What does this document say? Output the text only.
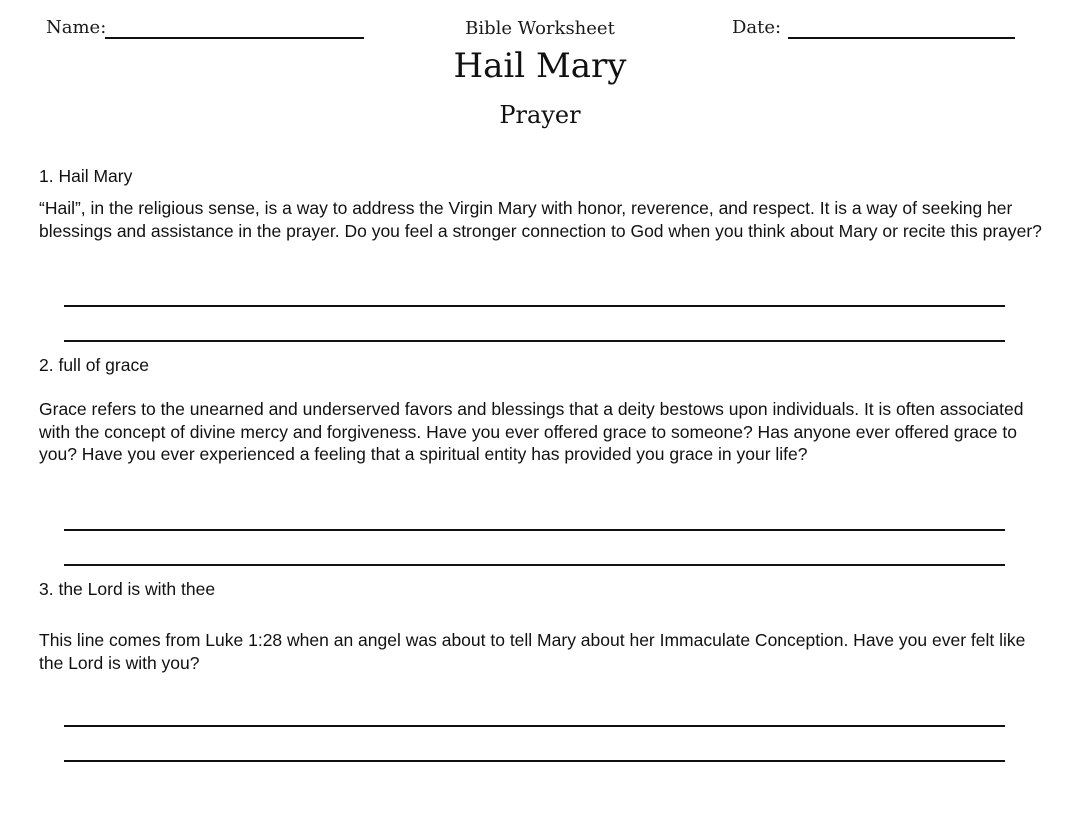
Name:	Bible Worksheet	Date:
Hail Mary
Prayer

1. Hail Mary

“Hail”, in the religious sense, is a way to address the Virgin Mary with honor, reverence, and respect. It is a way of seeking her blessings and assistance in the prayer. Do you feel a stronger connection to God when you think about Mary or recite this prayer?

2. full of grace

Grace refers to the unearned and underserved favors and blessings that a deity bestows upon individuals. It is often associated with the concept of divine mercy and forgiveness. Have you ever offered grace to someone? Has anyone ever offered grace to you? Have you ever experienced a feeling that a spiritual entity has provided you grace in your life?

3. the Lord is with thee

This line comes from Luke 1:28 when an angel was about to tell Mary about her Immaculate Conception. Have you ever felt like the Lord is with you?
